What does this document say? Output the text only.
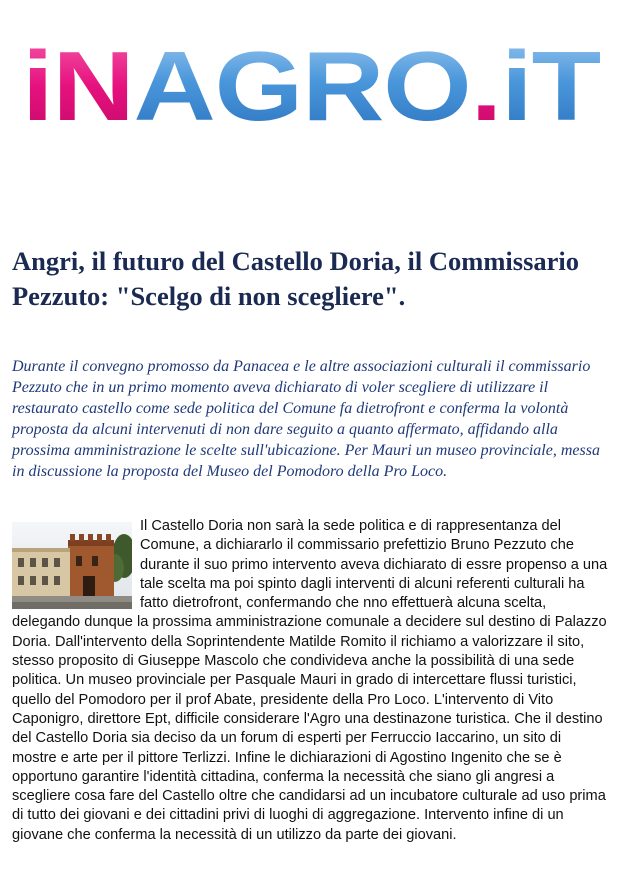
iN AGRO .iT
Angri, il futuro del Castello Doria, il Commissario Pezzuto: "Scelgo di non scegliere".

Durante il convegno promosso da Panacea e le altre associazioni culturali il commissario Pezzuto che in un primo momento aveva dichiarato di voler scegliere di utilizzare il restaurato castello come sede politica del Comune fa dietrofront e conferma la volontà proposta da alcuni intervenuti di non dare seguito a quanto affermato, affidando alla prossima amministrazione le scelte sull'ubicazione. Per Mauri un museo provinciale, messa in discussione la proposta del Museo del Pomodoro della Pro Loco.

Il Castello Doria non sarà la sede politica e di rappresentanza del Comune, a dichiararlo il commissario prefettizio Bruno Pezzuto che durante il suo primo intervento aveva dichiarato di essre propenso a una tale scelta ma poi spinto dagli interventi di alcuni referenti culturali ha fatto dietrofront, confermando che nno effettuerà alcuna scelta, delegando dunque la prossima amministrazione comunale a decidere sul destino di Palazzo Doria. Dall'intervento della Soprintendente Matilde Romito il richiamo a valorizzare il sito, stesso proposito di Giuseppe Mascolo che condivideva anche la possibilità di una sede politica. Un museo provinciale per Pasquale Mauri in grado di intercettare flussi turistici, quello del Pomodoro per il prof Abate, presidente della Pro Loco. L'intervento di Vito Caponigro, direttore Ept, difficile considerare l'Agro una destinazone turistica. Che il destino del Castello Doria sia deciso da un forum di esperti per Ferruccio Iaccarino, un sito di mostre e arte per il pittore Terlizzi. Infine le dichiarazioni di Agostino Ingenito che se è opportuno garantire l'identità cittadina, conferma la necessità che siano gli angresi a scegliere cosa fare del Castello oltre che candidarsi ad un incubatore culturale ad uso prima di tutto dei giovani e dei cittadini privi di luoghi di aggregazione. Intervento infine di un giovane che conferma la necessità di un utilizzo da parte dei giovani.
